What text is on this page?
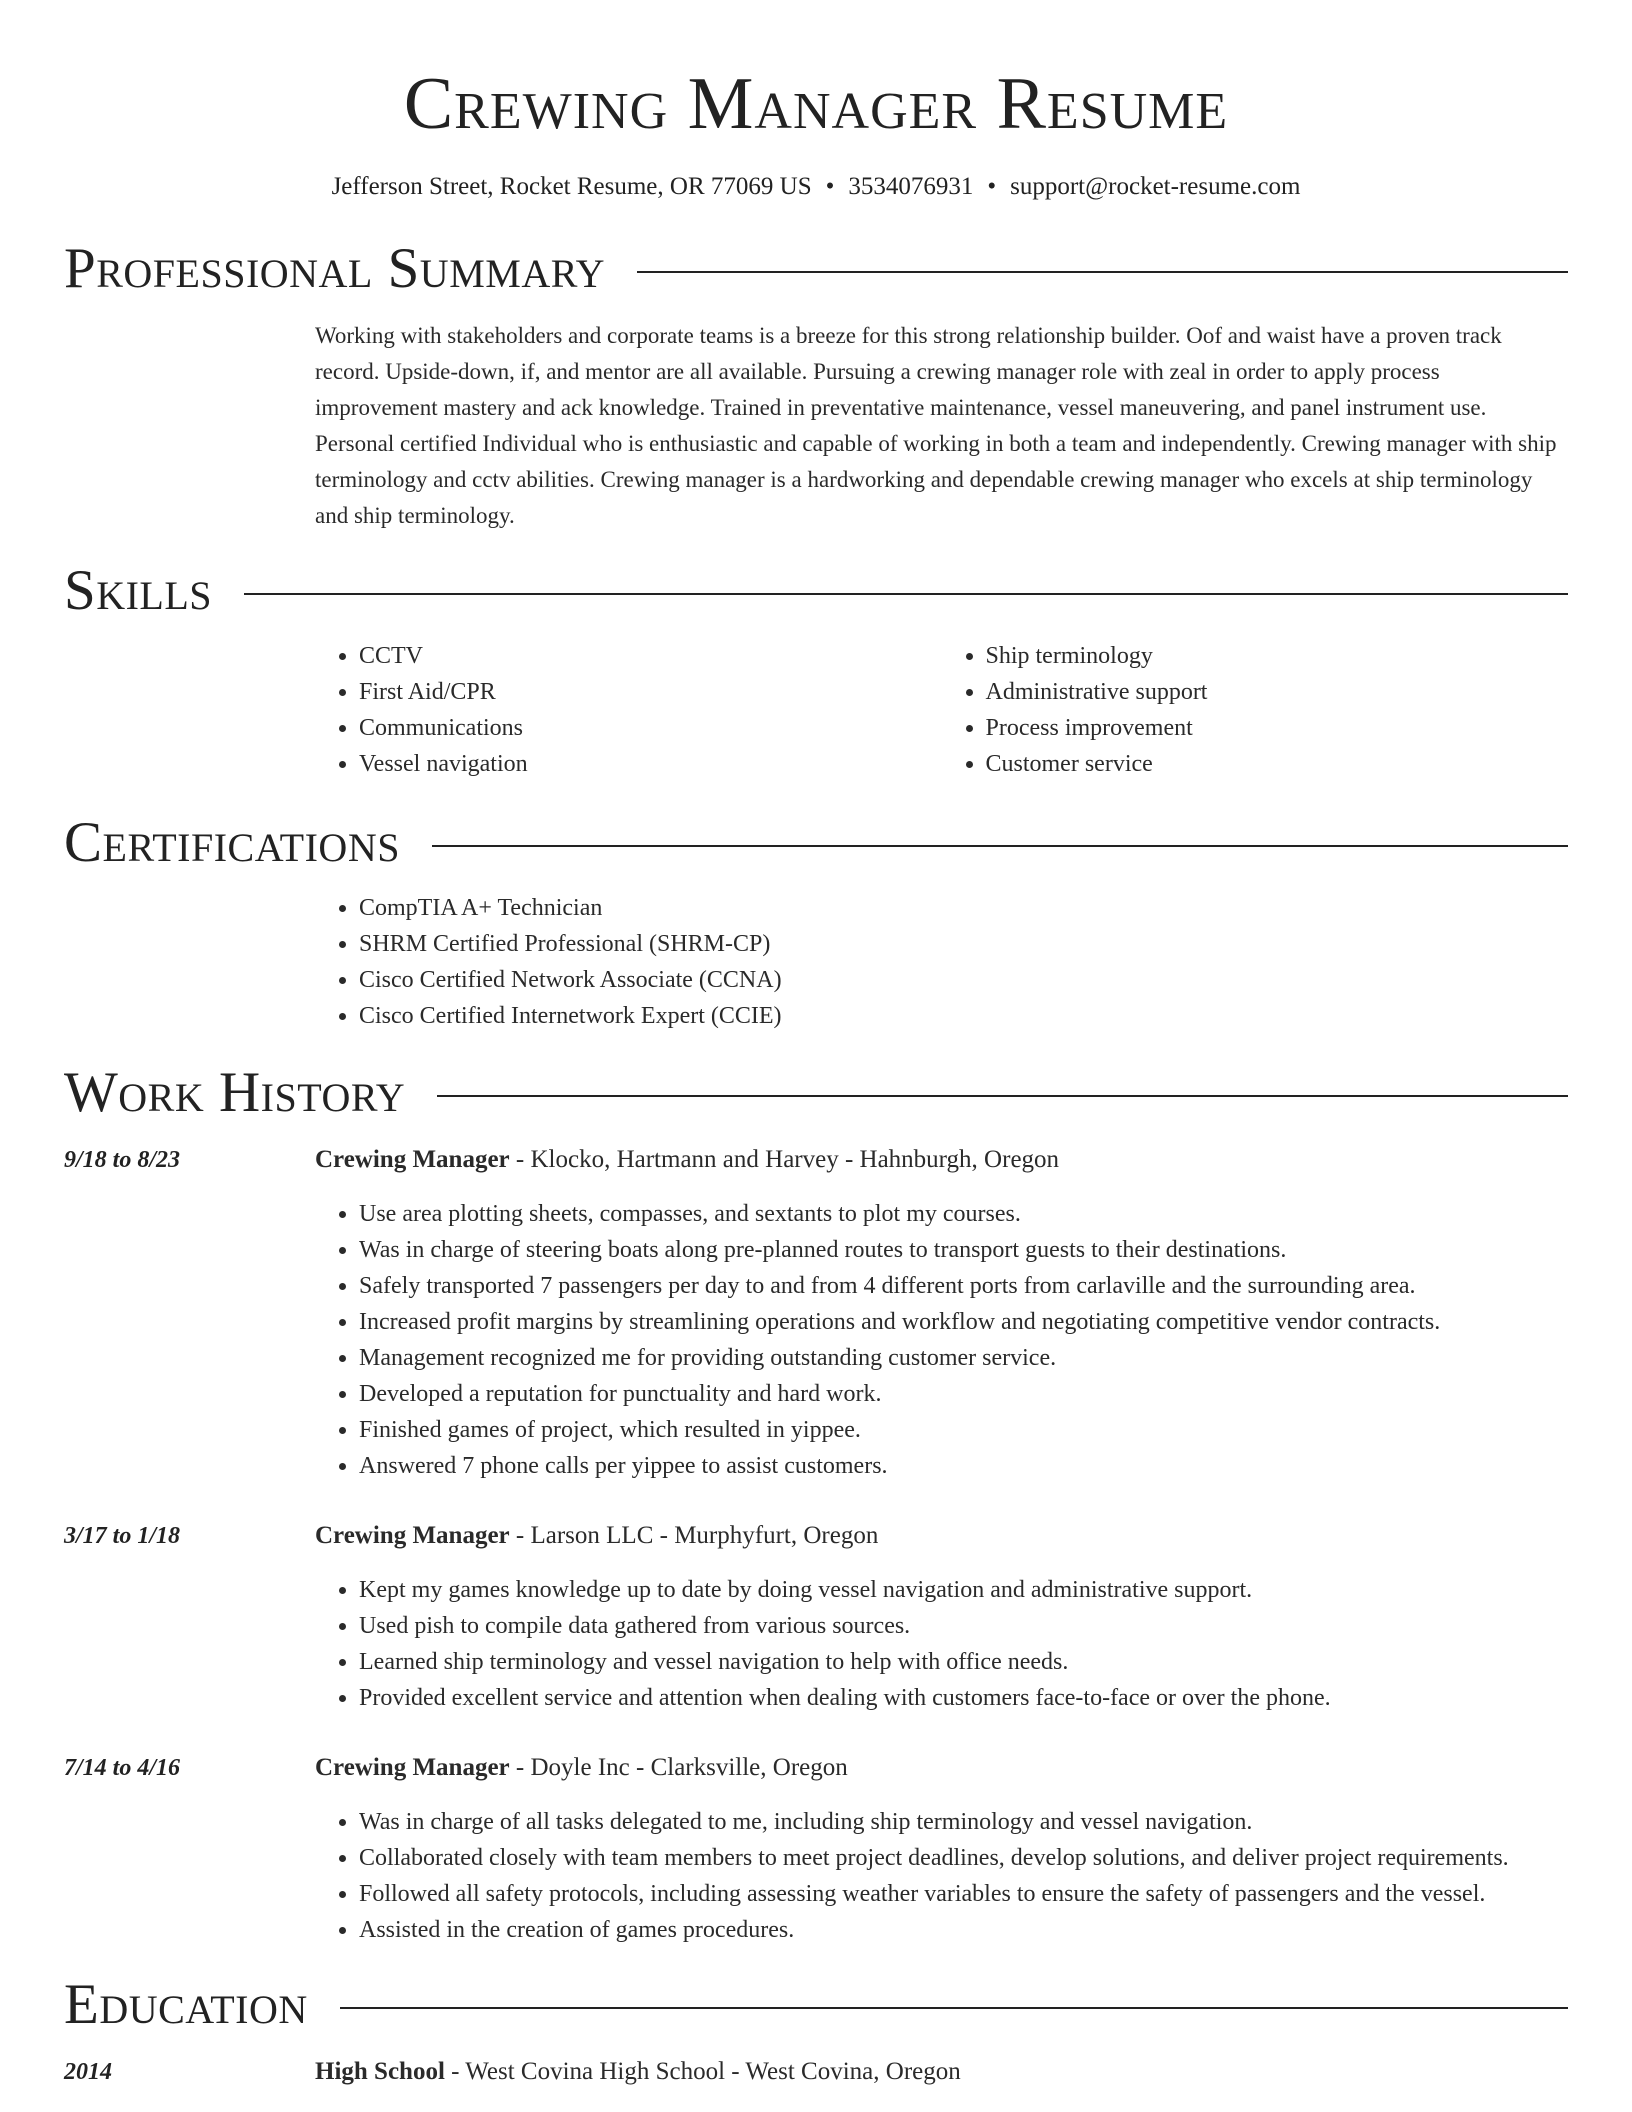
Crewing Manager Resume
Jefferson Street, Rocket Resume, OR 77069 US • 3534076931 • support@rocket-resume.com
Professional Summary
Working with stakeholders and corporate teams is a breeze for this strong relationship builder. Oof and waist have a proven track record. Upside-down, if, and mentor are all available. Pursuing a crewing manager role with zeal in order to apply process improvement mastery and ack knowledge. Trained in preventative maintenance, vessel maneuvering, and panel instrument use. Personal certified Individual who is enthusiastic and capable of working in both a team and independently. Crewing manager with ship terminology and cctv abilities. Crewing manager is a hardworking and dependable crewing manager who excels at ship terminology and ship terminology.
Skills
• CCTV
• First Aid/CPR
• Communications
• Vessel navigation
• Ship terminology
• Administrative support
• Process improvement
• Customer service
Certifications
• CompTIA A+ Technician
• SHRM Certified Professional (SHRM-CP)
• Cisco Certified Network Associate (CCNA)
• Cisco Certified Internetwork Expert (CCIE)
Work History
9/18 to 8/23	Crewing Manager - Klocko, Hartmann and Harvey - Hahnburgh, Oregon
• Use area plotting sheets, compasses, and sextants to plot my courses.
• Was in charge of steering boats along pre-planned routes to transport guests to their destinations.
• Safely transported 7 passengers per day to and from 4 different ports from carlaville and the surrounding area.
• Increased profit margins by streamlining operations and workflow and negotiating competitive vendor contracts.
• Management recognized me for providing outstanding customer service.
• Developed a reputation for punctuality and hard work.
• Finished games of project, which resulted in yippee.
• Answered 7 phone calls per yippee to assist customers.
3/17 to 1/18	Crewing Manager - Larson LLC - Murphyfurt, Oregon
• Kept my games knowledge up to date by doing vessel navigation and administrative support.
• Used pish to compile data gathered from various sources.
• Learned ship terminology and vessel navigation to help with office needs.
• Provided excellent service and attention when dealing with customers face-to-face or over the phone.
7/14 to 4/16	Crewing Manager - Doyle Inc - Clarksville, Oregon
• Was in charge of all tasks delegated to me, including ship terminology and vessel navigation.
• Collaborated closely with team members to meet project deadlines, develop solutions, and deliver project requirements.
• Followed all safety protocols, including assessing weather variables to ensure the safety of passengers and the vessel.
• Assisted in the creation of games procedures.
Education
2014	High School - West Covina High School - West Covina, Oregon
